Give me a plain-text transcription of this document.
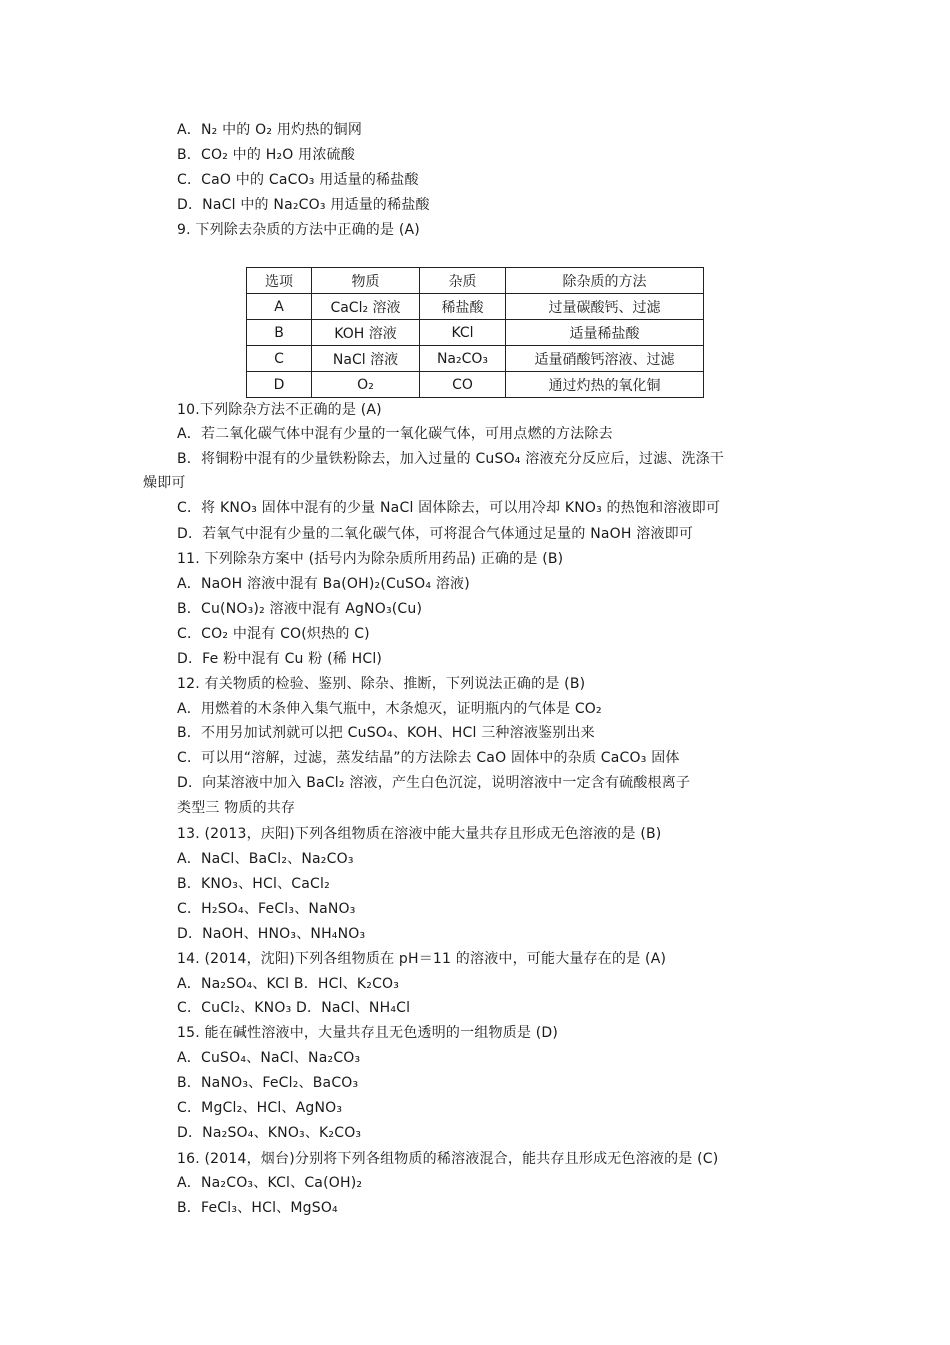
A．N₂ 中的 O₂ 用灼热的铜网
B．CO₂ 中的 H₂O 用浓硫酸
C．CaO 中的 CaCO₃ 用适量的稀盐酸
D．NaCl 中的 Na₂CO₃ 用适量的稀盐酸
9. 下列除去杂质的方法中正确的是 (A)
选项	物质	杂质	除杂质的方法
A	CaCl₂ 溶液	稀盐酸	过量碳酸钙、过滤
B	KOH 溶液	KCl	适量稀盐酸
C	NaCl 溶液	Na₂CO₃	适量硝酸钙溶液、过滤
D	O₂	CO	通过灼热的氧化铜
10.下列除杂方法不正确的是 (A)
A．若二氧化碳气体中混有少量的一氧化碳气体，可用点燃的方法除去
B．将铜粉中混有的少量铁粉除去，加入过量的 CuSO₄ 溶液充分反应后，过滤、洗涤干
燥即可
C．将 KNO₃ 固体中混有的少量 NaCl 固体除去，可以用冷却 KNO₃ 的热饱和溶液即可
D．若氧气中混有少量的二氧化碳气体，可将混合气体通过足量的 NaOH 溶液即可
11. 下列除杂方案中 (括号内为除杂质所用药品) 正确的是 (B)
A．NaOH 溶液中混有 Ba(OH)₂(CuSO₄ 溶液)
B．Cu(NO₃)₂ 溶液中混有 AgNO₃(Cu)
C．CO₂ 中混有 CO(炽热的 C)
D．Fe 粉中混有 Cu 粉 (稀 HCl)
12. 有关物质的检验、鉴别、除杂、推断，下列说法正确的是 (B)
A．用燃着的木条伸入集气瓶中，木条熄灭，证明瓶内的气体是 CO₂
B．不用另加试剂就可以把 CuSO₄、KOH、HCl 三种溶液鉴别出来
C．可以用“溶解，过滤，蒸发结晶”的方法除去 CaO 固体中的杂质 CaCO₃ 固体
D．向某溶液中加入 BaCl₂ 溶液，产生白色沉淀，说明溶液中一定含有硫酸根离子
类型三 物质的共存
13. (2013，庆阳)下列各组物质在溶液中能大量共存且形成无色溶液的是 (B)
A．NaCl、BaCl₂、Na₂CO₃
B．KNO₃、HCl、CaCl₂
C．H₂SO₄、FeCl₃、NaNO₃
D．NaOH、HNO₃、NH₄NO₃
14. (2014，沈阳)下列各组物质在 pH＝11 的溶液中，可能大量存在的是 (A)
A．Na₂SO₄、KCl B．HCl、K₂CO₃
C．CuCl₂、KNO₃ D．NaCl、NH₄Cl
15. 能在碱性溶液中，大量共存且无色透明的一组物质是 (D)
A．CuSO₄、NaCl、Na₂CO₃
B．NaNO₃、FeCl₂、BaCO₃
C．MgCl₂、HCl、AgNO₃
D．Na₂SO₄、KNO₃、K₂CO₃
16. (2014，烟台)分别将下列各组物质的稀溶液混合，能共存且形成无色溶液的是 (C)
A．Na₂CO₃、KCl、Ca(OH)₂
B．FeCl₃、HCl、MgSO₄
